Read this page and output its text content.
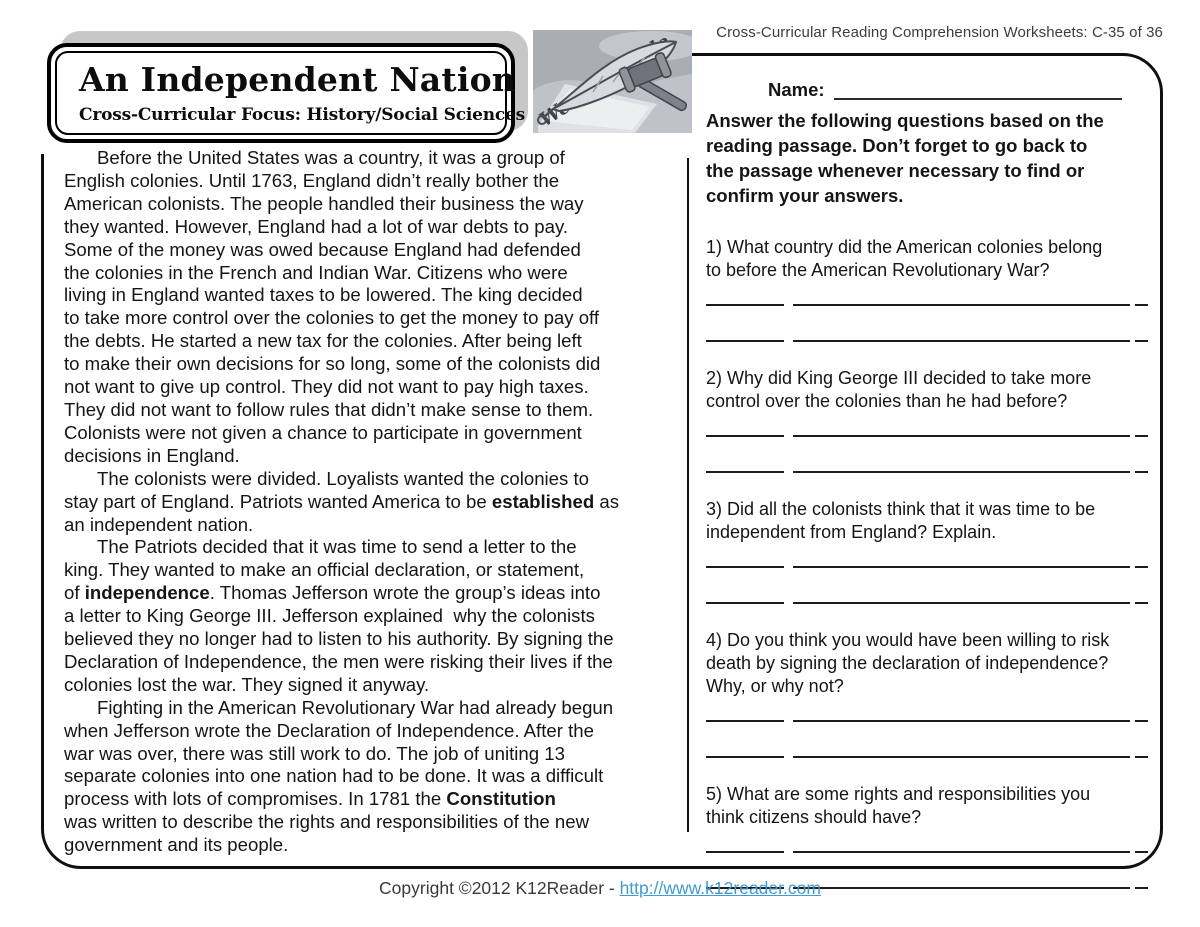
Cross-Curricular Reading Comprehension Worksheets: C-35 of 36
An Independent Nation
Cross-Curricular Focus: History/Social Sciences We
Before the United States was a country, it was a group of
English colonies. Until 1763, England didn’t really bother the
American colonists. The people handled their business the way
they wanted. However, England had a lot of war debts to pay.
Some of the money was owed because England had defended
the colonies in the French and Indian War. Citizens who were
living in England wanted taxes to be lowered. The king decided
to take more control over the colonies to get the money to pay off
the debts. He started a new tax for the colonies. After being left
to make their own decisions for so long, some of the colonists did
not want to give up control. They did not want to pay high taxes.
They did not want to follow rules that didn’t make sense to them.
Colonists were not given a chance to participate in government
decisions in England.
The colonists were divided. Loyalists wanted the colonies to
stay part of England. Patriots wanted America to be established as
an independent nation.
The Patriots decided that it was time to send a letter to the
king. They wanted to make an official declaration, or statement,
of independence. Thomas Jefferson wrote the group’s ideas into
a letter to King George III. Jefferson explained  why the colonists
believed they no longer had to listen to his authority. By signing the
Declaration of Independence, the men were risking their lives if the
colonies lost the war. They signed it anyway.
Fighting in the American Revolutionary War had already begun
when Jefferson wrote the Declaration of Independence. After the
war was over, there was still work to do. The job of uniting 13
separate colonies into one nation had to be done. It was a difficult
process with lots of compromises. In 1781 the Constitution
was written to describe the rights and responsibilities of the new
government and its people.
Name:
Answer the following questions based on the
reading passage. Don’t forget to go back to
the passage whenever necessary to find or
confirm your answers.
1) What country did the American colonies belong
to before the American Revolutionary War?
2) Why did King George III decided to take more
control over the colonies than he had before?
3) Did all the colonists think that it was time to be
independent from England? Explain.
4) Do you think you would have been willing to risk
death by signing the declaration of independence?
Why, or why not?
5) What are some rights and responsibilities you
think citizens should have?
Copyright ©2012 K12Reader - http://www.k12reader.com
